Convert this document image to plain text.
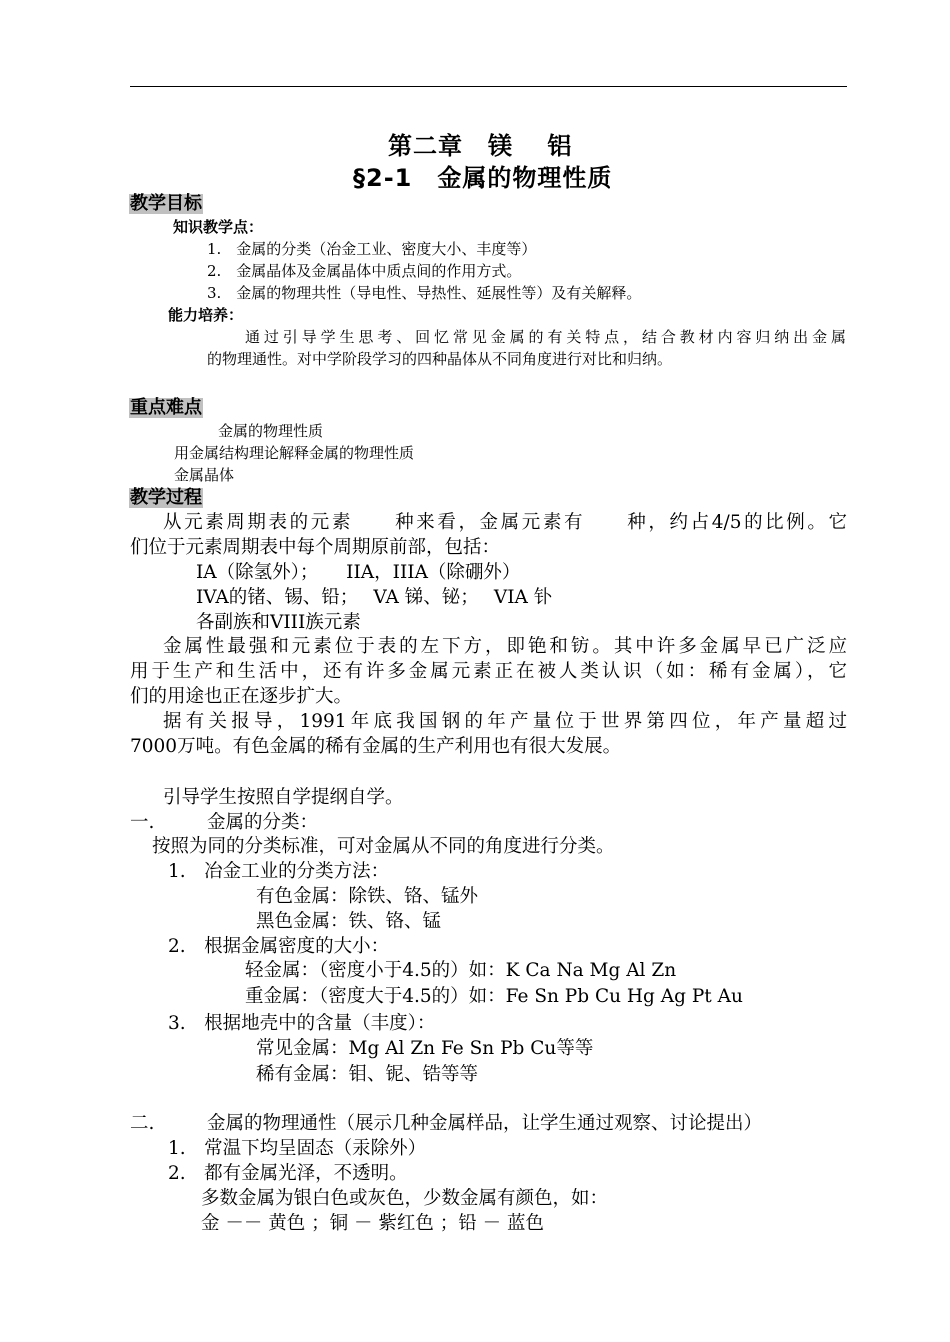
第二章　镁　 铝
§2-1　金属的物理性质
教学目标
知识教学点：
1.　金属的分类（冶金工业、密度大小、丰度等）
2.　金属晶体及金属晶体中质点间的作用方式。
3.　金属的物理共性（导电性、导热性、延展性等）及有关解释。
能力培养：
通过引导学生思考、回忆常见金属的有关特点，结合教材内容归纳出金属
的物理通性。对中学阶段学习的四种晶体从不同角度进行对比和归纳。
重点难点
金属的物理性质
用金属结构理论解释金属的物理性质
金属晶体
教学过程
从元素周期表的元素　　种来看，金属元素有　　种，约占4/5的比例。它
们位于元素周期表中每个周期原前部，包括：
IA（除氢外）；　　IIA，IIIA（除硼外）
IVA的锗、锡、铅；　 VA 锑、铋；　 VIA 钋
各副族和VIII族元素
金属性最强和元素位于表的左下方，即铯和钫。其中许多金属早已广泛应
用于生产和生活中，还有许多金属元素正在被人类认识（如：稀有金属），它
们的用途也正在逐步扩大。
据有关报导，1991年底我国钢的年产量位于世界第四位，年产量超过
7000万吨。有色金属的稀有金属的生产利用也有很大发展。
引导学生按照自学提纲自学。
一.	金属的分类：
按照为同的分类标准，可对金属从不同的角度进行分类。
1.　冶金工业的分类方法：
有色金属：除铁、铬、锰外
黑色金属：铁、铬、锰
2.　根据金属密度的大小：
轻金属：（密度小于4.5的）如：K Ca Na Mg Al Zn
重金属：（密度大于4.5的）如：Fe Sn Pb Cu Hg Ag Pt Au
3.　根据地壳中的含量（丰度）：
常见金属：Mg Al Zn Fe Sn Pb Cu等等
稀有金属：钼、铌、锆等等
二.	金属的物理通性（展示几种金属样品，让学生通过观察、讨论提出）
1.　常温下均呈固态（汞除外）
2.　都有金属光泽，不透明。
多数金属为银白色或灰色，少数金属有颜色，如：
金 －－ 黄色 ；铜 － 紫红色 ；铅 － 蓝色
